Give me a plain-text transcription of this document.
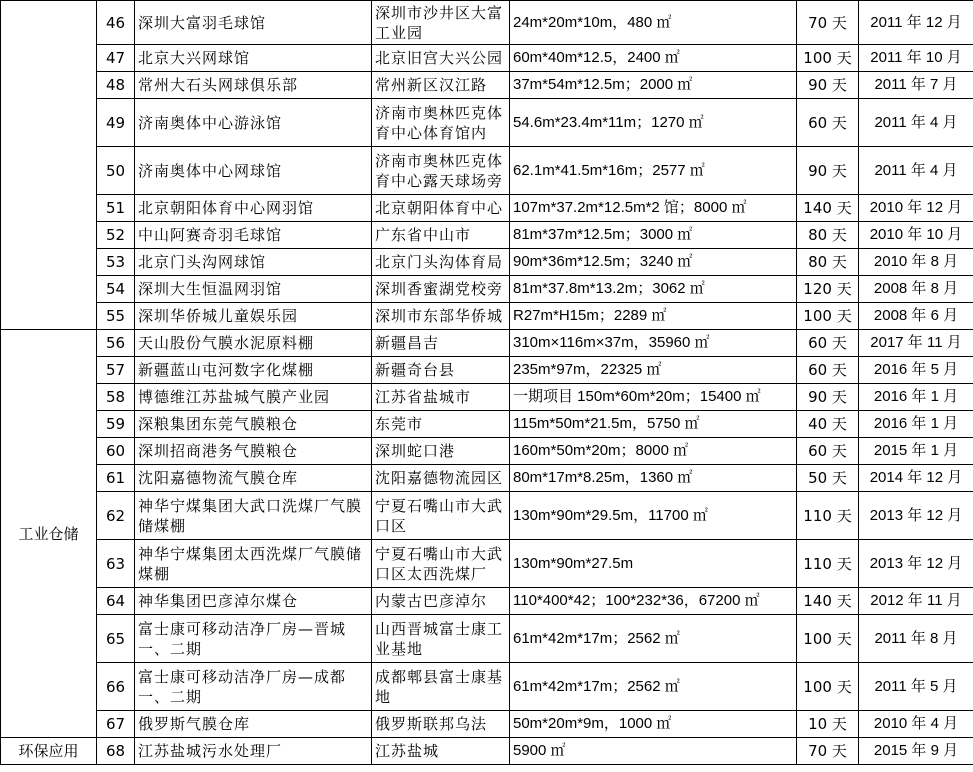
	46	深圳大富羽毛球馆	深圳市沙井区大富工业园	24m*20m*10m，480 ㎡	70 天	2011 年 12 月
	47	北京大兴网球馆	北京旧宫大兴公园	60m*40m*12.5，2400 ㎡	100 天	2011 年 10 月
	48	常州大石头网球俱乐部	常州新区汉江路	37m*54m*12.5m；2000 ㎡	90 天	2011 年 7 月
	49	济南奥体中心游泳馆	济南市奥林匹克体育中心体育馆内	54.6m*23.4m*11m；1270 ㎡	60 天	2011 年 4 月
	50	济南奥体中心网球馆	济南市奥林匹克体育中心露天球场旁	62.1m*41.5m*16m；2577 ㎡	90 天	2011 年 4 月
	51	北京朝阳体育中心网羽馆	北京朝阳体育中心	107m*37.2m*12.5m*2 馆；8000 ㎡	140 天	2010 年 12 月
	52	中山阿赛奇羽毛球馆	广东省中山市	81m*37m*12.5m；3000 ㎡	80 天	2010 年 10 月
	53	北京门头沟网球馆	北京门头沟体育局	90m*36m*12.5m；3240 ㎡	80 天	2010 年 8 月
	54	深圳大生恒温网羽馆	深圳香蜜湖党校旁	81m*37.8m*13.2m；3062 ㎡	120 天	2008 年 8 月
	55	深圳华侨城儿童娱乐园	深圳市东部华侨城	R27m*H15m；2289 ㎡	100 天	2008 年 6 月
工业仓储	56	天山股份气膜水泥原料棚	新疆昌吉	310m×116m×37m，35960 ㎡	60 天	2017 年 11 月
	57	新疆蓝山屯河数字化煤棚	新疆奇台县	235m*97m，22325 ㎡	60 天	2016 年 5 月
	58	博德维江苏盐城气膜产业园	江苏省盐城市	一期项目 150m*60m*20m；15400 ㎡	90 天	2016 年 1 月
	59	深粮集团东莞气膜粮仓	东莞市	115m*50m*21.5m，5750 ㎡	40 天	2016 年 1 月
	60	深圳招商港务气膜粮仓	深圳蛇口港	160m*50m*20m；8000 ㎡	60 天	2015 年 1 月
	61	沈阳嘉德物流气膜仓库	沈阳嘉德物流园区	80m*17m*8.25m，1360 ㎡	50 天	2014 年 12 月
	62	神华宁煤集团大武口洗煤厂气膜储煤棚	宁夏石嘴山市大武口区	130m*90m*29.5m，11700 ㎡	110 天	2013 年 12 月
	63	神华宁煤集团太西洗煤厂气膜储煤棚	宁夏石嘴山市大武口区太西洗煤厂	130m*90m*27.5m	110 天	2013 年 12 月
	64	神华集团巴彦淖尔煤仓	内蒙古巴彦淖尔	110*400*42；100*232*36，67200 ㎡	140 天	2012 年 11 月
	65	富士康可移动洁净厂房—晋城一、二期	山西晋城富士康工业基地	61m*42m*17m；2562 ㎡	100 天	2011 年 8 月
	66	富士康可移动洁净厂房—成都一、二期	成都郫县富士康基地	61m*42m*17m；2562 ㎡	100 天	2011 年 5 月
	67	俄罗斯气膜仓库	俄罗斯联邦乌法	50m*20m*9m，1000 ㎡	10 天	2010 年 4 月
环保应用	68	江苏盐城污水处理厂	江苏盐城	5900 ㎡	70 天	2015 年 9 月
